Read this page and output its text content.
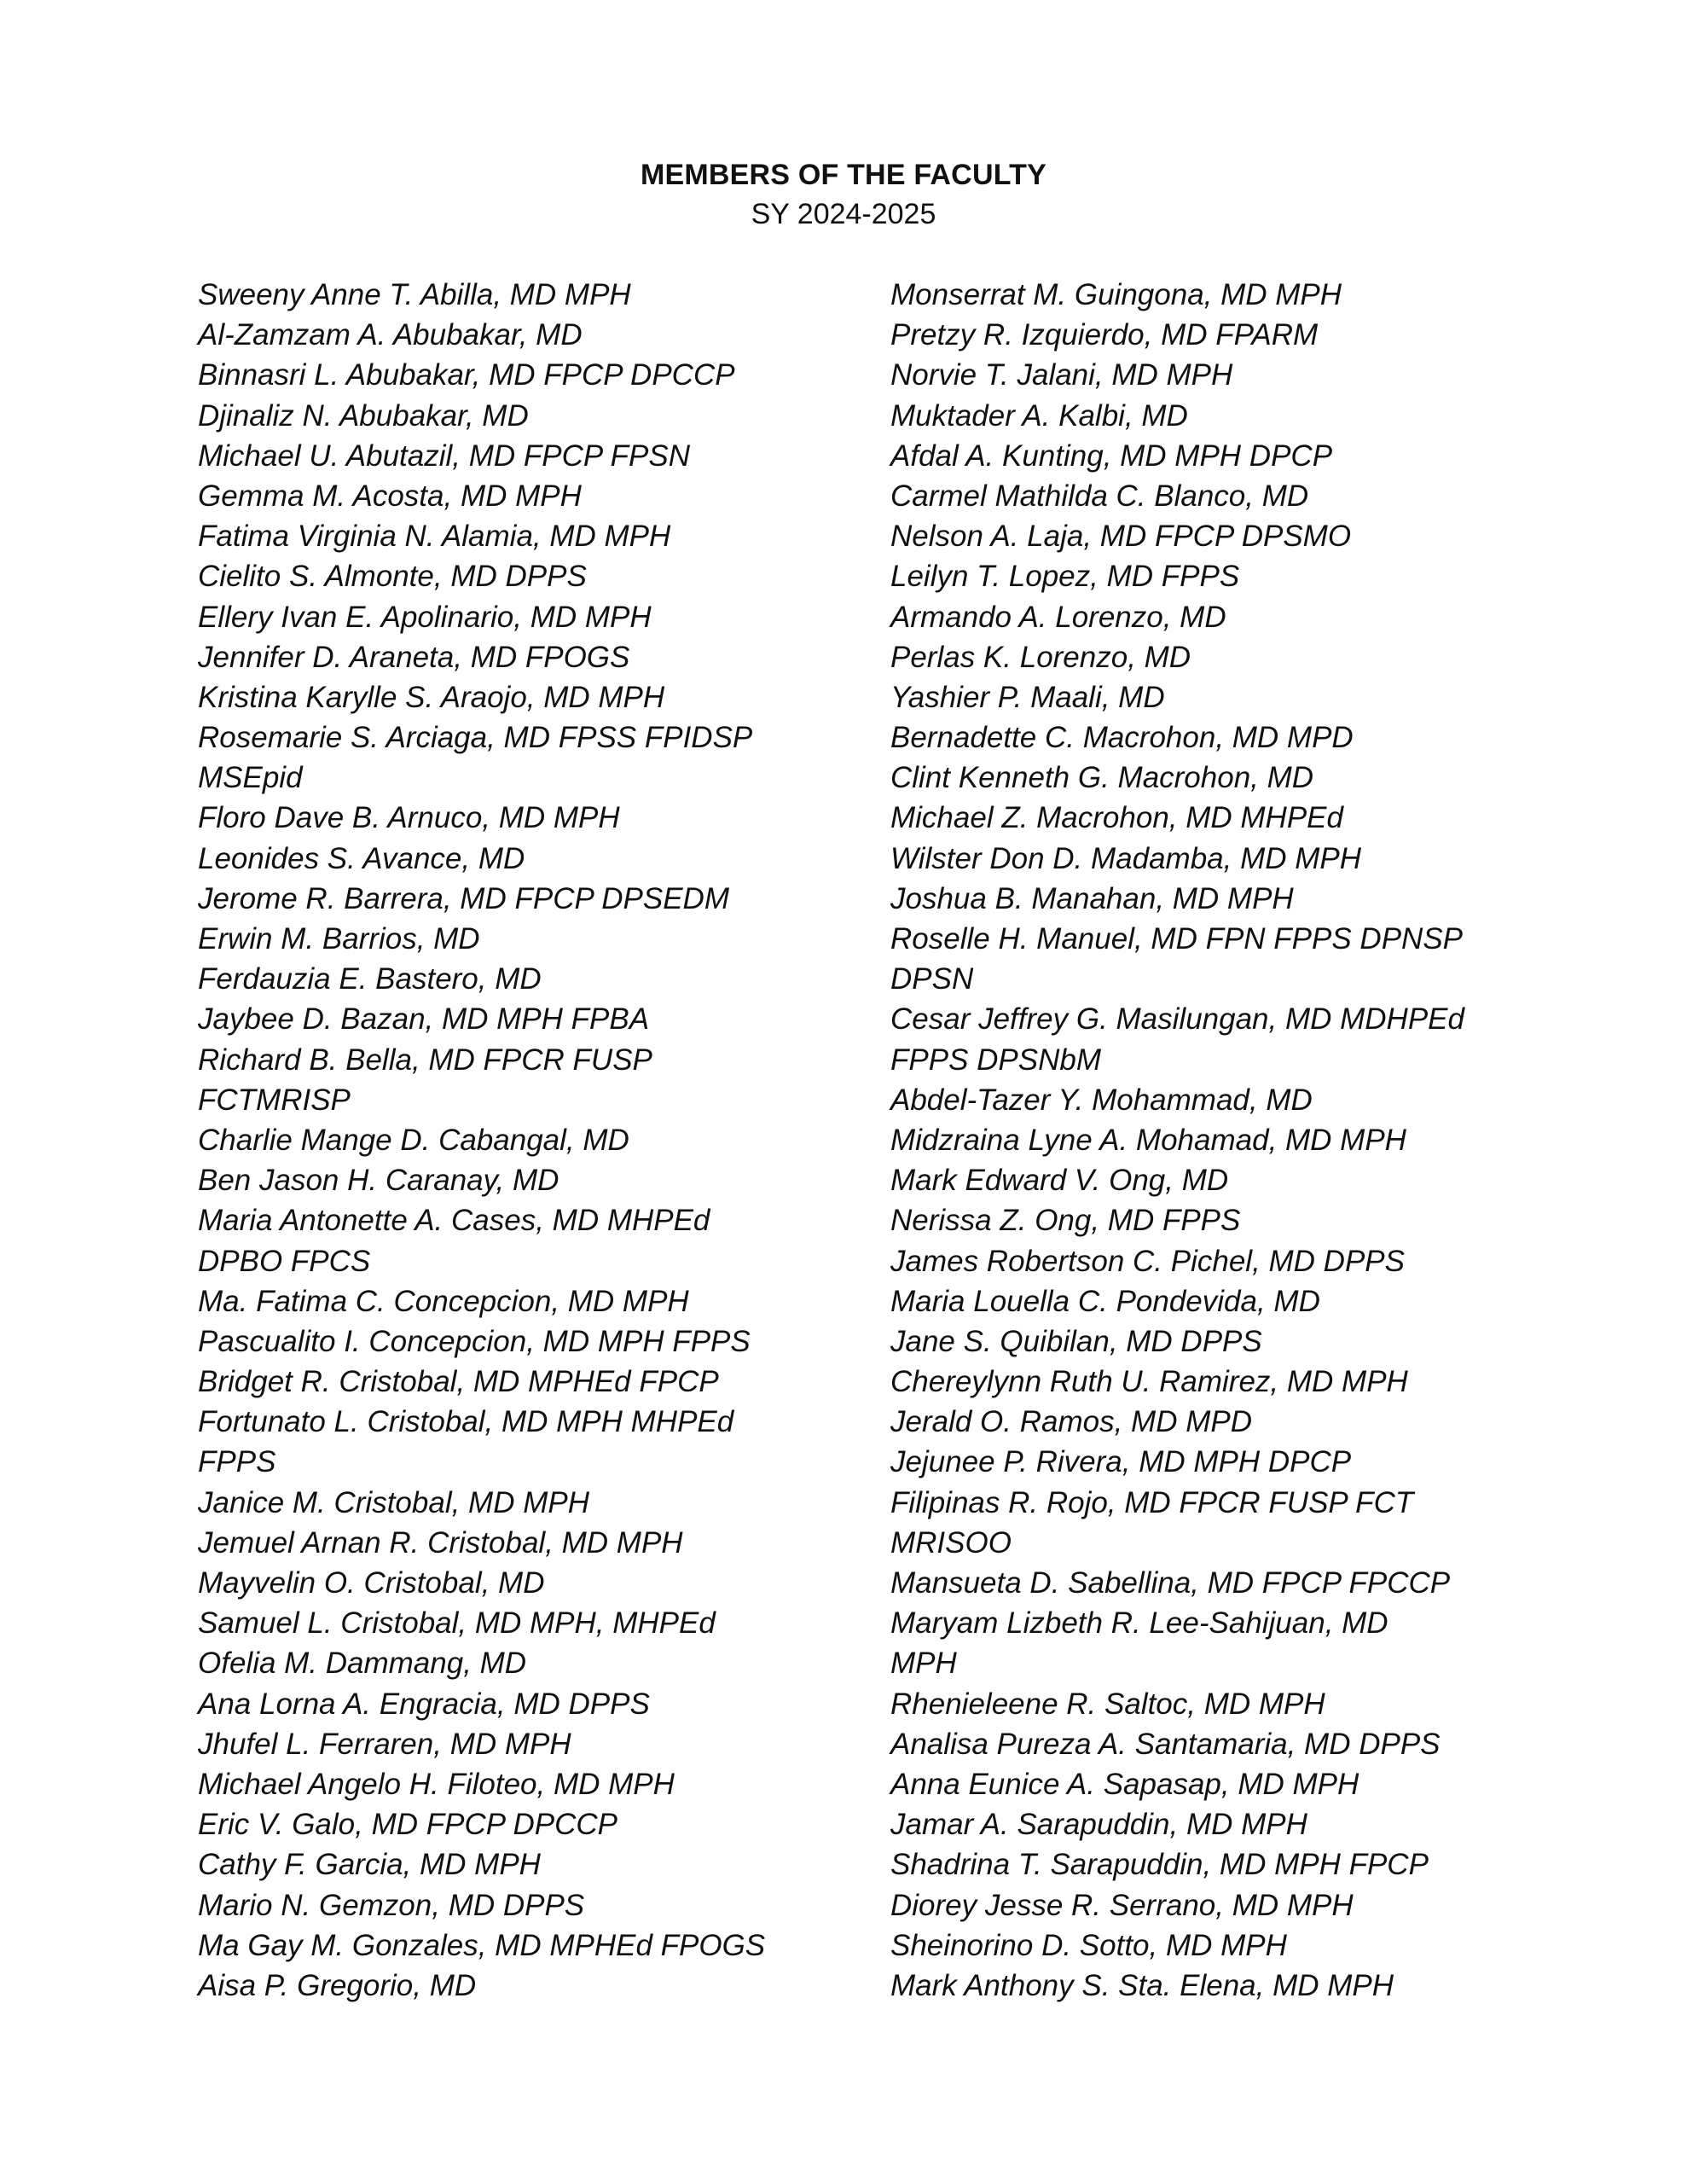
MEMBERS OF THE FACULTY
SY 2024-2025
Sweeny Anne T. Abilla, MD MPH
Al-Zamzam A. Abubakar, MD
Binnasri L. Abubakar, MD FPCP DPCCP
Djinaliz N. Abubakar, MD
Michael U. Abutazil, MD FPCP FPSN
Gemma M. Acosta, MD MPH
Fatima Virginia N. Alamia, MD MPH
Cielito S. Almonte, MD DPPS
Ellery Ivan E. Apolinario, MD MPH
Jennifer D. Araneta, MD FPOGS
Kristina Karylle S. Araojo, MD MPH
Rosemarie S. Arciaga, MD FPSS FPIDSP
MSEpid
Floro Dave B. Arnuco, MD MPH
Leonides S. Avance, MD
Jerome R. Barrera, MD FPCP DPSEDM
Erwin M. Barrios, MD
Ferdauzia E. Bastero, MD
Jaybee D. Bazan, MD MPH FPBA
Richard B. Bella, MD FPCR FUSP
FCTMRISP
Charlie Mange D. Cabangal, MD
Ben Jason H. Caranay, MD
Maria Antonette A. Cases, MD MHPEd
DPBO FPCS
Ma. Fatima C. Concepcion, MD MPH
Pascualito I. Concepcion, MD MPH FPPS
Bridget R. Cristobal, MD MPHEd FPCP
Fortunato L. Cristobal, MD MPH MHPEd
FPPS
Janice M. Cristobal, MD MPH
Jemuel Arnan R. Cristobal, MD MPH
Mayvelin O. Cristobal, MD
Samuel L. Cristobal, MD MPH, MHPEd
Ofelia M. Dammang, MD
Ana Lorna A. Engracia, MD DPPS
Jhufel L. Ferraren, MD MPH
Michael Angelo H. Filoteo, MD MPH
Eric V. Galo, MD FPCP DPCCP
Cathy F. Garcia, MD MPH
Mario N. Gemzon, MD DPPS
Ma Gay M. Gonzales, MD MPHEd FPOGS
Aisa P. Gregorio, MD
Monserrat M. Guingona, MD MPH
Pretzy R. Izquierdo, MD FPARM
Norvie T. Jalani, MD MPH
Muktader A. Kalbi, MD
Afdal A. Kunting, MD MPH DPCP
Carmel Mathilda C. Blanco, MD
Nelson A. Laja, MD FPCP DPSMO
Leilyn T. Lopez, MD FPPS
Armando A. Lorenzo, MD
Perlas K. Lorenzo, MD
Yashier P. Maali, MD
Bernadette C. Macrohon, MD MPD
Clint Kenneth G. Macrohon, MD
Michael Z. Macrohon, MD MHPEd
Wilster Don D. Madamba, MD MPH
Joshua B. Manahan, MD MPH
Roselle H. Manuel, MD FPN FPPS DPNSP
DPSN
Cesar Jeffrey G. Masilungan, MD MDHPEd
FPPS DPSNbM
Abdel-Tazer Y. Mohammad, MD
Midzraina Lyne A. Mohamad, MD MPH
Mark Edward V. Ong, MD
Nerissa Z. Ong, MD FPPS
James Robertson C. Pichel, MD DPPS
Maria Louella C. Pondevida, MD
Jane S. Quibilan, MD DPPS
Chereylynn Ruth U. Ramirez, MD MPH
Jerald O. Ramos, MD MPD
Jejunee P. Rivera, MD MPH DPCP
Filipinas R. Rojo, MD FPCR FUSP FCT
MRISOO
Mansueta D. Sabellina, MD FPCP FPCCP
Maryam Lizbeth R. Lee-Sahijuan, MD
MPH
Rhenieleene R. Saltoc, MD MPH
Analisa Pureza A. Santamaria, MD DPPS
Anna Eunice A. Sapasap, MD MPH
Jamar A. Sarapuddin, MD MPH
Shadrina T. Sarapuddin, MD MPH FPCP
Diorey Jesse R. Serrano, MD MPH
Sheinorino D. Sotto, MD MPH
Mark Anthony S. Sta. Elena, MD MPH
